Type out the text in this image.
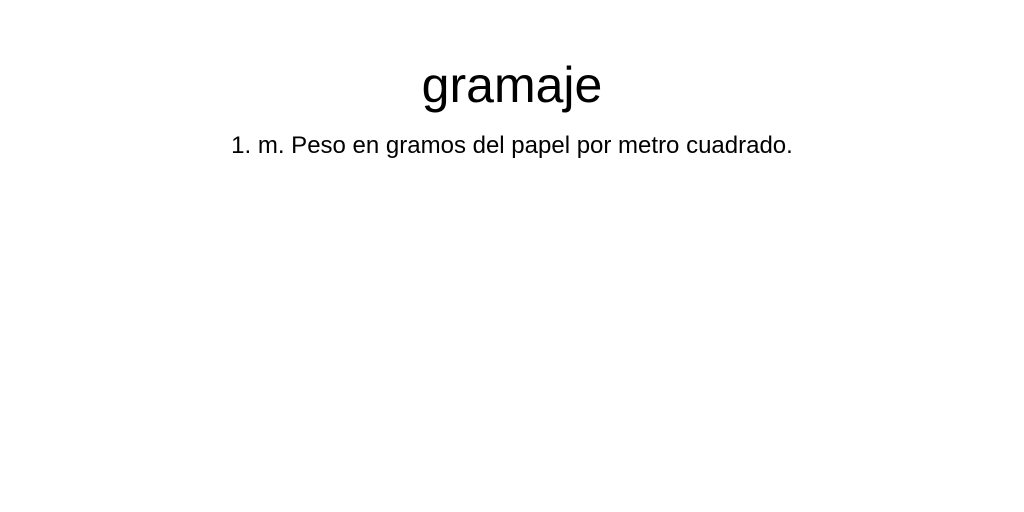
gramaje

1. m. Peso en gramos del papel por metro cuadrado.
